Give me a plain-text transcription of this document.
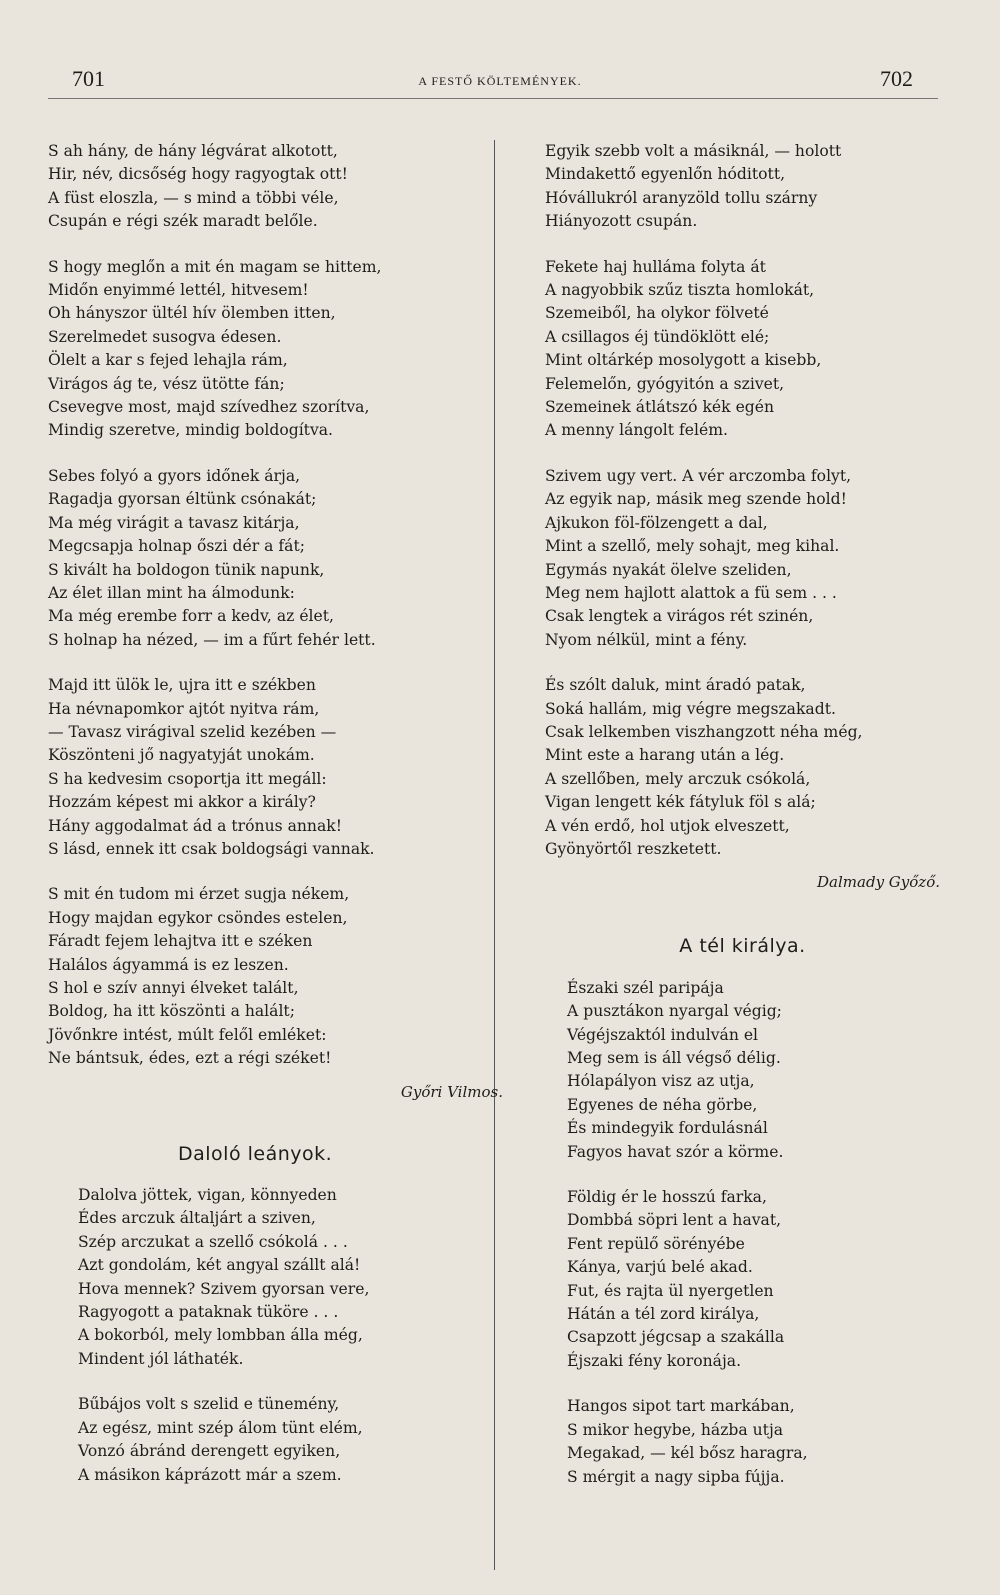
701	A FESTŐ KÖLTEMÉNYEK.	702
S ah hány, de hány légvárat alkotott,
Hir, név, dicsőség hogy ragyogtak ott!
A füst eloszla, — s mind a többi véle,
Csupán e régi szék maradt belőle.
S hogy meglőn a mit én magam se hittem,
Midőn enyimmé lettél, hitvesem!
Oh hányszor ültél hív ölemben itten,
Szerelmedet susogva édesen.
Ölelt a kar s fejed lehajla rám,
Virágos ág te, vész ütötte fán;
Csevegve most, majd szívedhez szorítva,
Mindig szeretve, mindig boldogítva.
Sebes folyó a gyors időnek árja,
Ragadja gyorsan éltünk csónakát;
Ma még virágit a tavasz kitárja,
Megcsapja holnap őszi dér a fát;
S kivált ha boldogon tünik napunk,
Az élet illan mint ha álmodunk:
Ma még erembe forr a kedv, az élet,
S holnap ha nézed, — im a fűrt fehér lett.
Majd itt ülök le, ujra itt e székben
Ha névnapomkor ajtót nyitva rám,
— Tavasz virágival szelid kezében —
Köszönteni jő nagyatyját unokám.
S ha kedvesim csoportja itt megáll:
Hozzám képest mi akkor a király?
Hány aggodalmat ád a trónus annak!
S lásd, ennek itt csak boldogsági vannak.
S mit én tudom mi érzet sugja nékem,
Hogy majdan egykor csöndes estelen,
Fáradt fejem lehajtva itt e széken
Halálos ágyammá is ez leszen.
S hol e szív annyi élveket talált,
Boldog, ha itt köszönti a halált;
Jövőnkre intést, múlt felől emléket:
Ne bántsuk, édes, ezt a régi széket!
Győri Vilmos.
Daloló leányok.
Dalolva jöttek, vigan, könnyeden
Édes arczuk általjárt a sziven,
Szép arczukat a szellő csókolá . . .
Azt gondolám, két angyal szállt alá!
Hova mennek? Szivem gyorsan vere,
Ragyogott a pataknak tüköre . . .
A bokorból, mely lombban álla még,
Mindent jól láthaték.
Bűbájos volt s szelid e tünemény,
Az egész, mint szép álom tünt elém,
Vonzó ábránd derengett egyiken,
A másikon káprázott már a szem.
Egyik szebb volt a másiknál, — holott
Mindakettő egyenlőn hóditott,
Hóvállukról aranyzöld tollu szárny
Hiányozott csupán.
Fekete haj hulláma folyta át
A nagyobbik szűz tiszta homlokát,
Szemeiből, ha olykor fölveté
A csillagos éj tündöklött elé;
Mint oltárkép mosolygott a kisebb,
Felemelőn, gyógyitón a szivet,
Szemeinek átlátszó kék egén
A menny lángolt felém.
Szivem ugy vert. A vér arczomba folyt,
Az egyik nap, másik meg szende hold!
Ajkukon föl-fölzengett a dal,
Mint a szellő, mely sohajt, meg kihal.
Egymás nyakát ölelve szeliden,
Meg nem hajlott alattok a fü sem . . .
Csak lengtek a virágos rét szinén,
Nyom nélkül, mint a fény.
És szólt daluk, mint áradó patak,
Soká hallám, mig végre megszakadt.
Csak lelkemben viszhangzott néha még,
Mint este a harang után a lég.
A szellőben, mely arczuk csókolá,
Vigan lengett kék fátyluk föl s alá;
A vén erdő, hol utjok elveszett,
Gyönyörtől reszketett.
Dalmady Győző.
A tél királya.
Északi szél paripája
A pusztákon nyargal végig;
Végéjszaktól indulván el
Meg sem is áll végső délig.
Hólapályon visz az utja,
Egyenes de néha görbe,
És mindegyik fordulásnál
Fagyos havat szór a körme.
Földig ér le hosszú farka,
Dombbá söpri lent a havat,
Fent repülő sörényébe
Kánya, varjú belé akad.
Fut, és rajta ül nyergetlen
Hátán a tél zord királya,
Csapzott jégcsap a szakálla
Éjszaki fény koronája.
Hangos sipot tart markában,
S mikor hegybe, házba utja
Megakad, — kél bősz haragra,
S mérgit a nagy sipba fújja.
